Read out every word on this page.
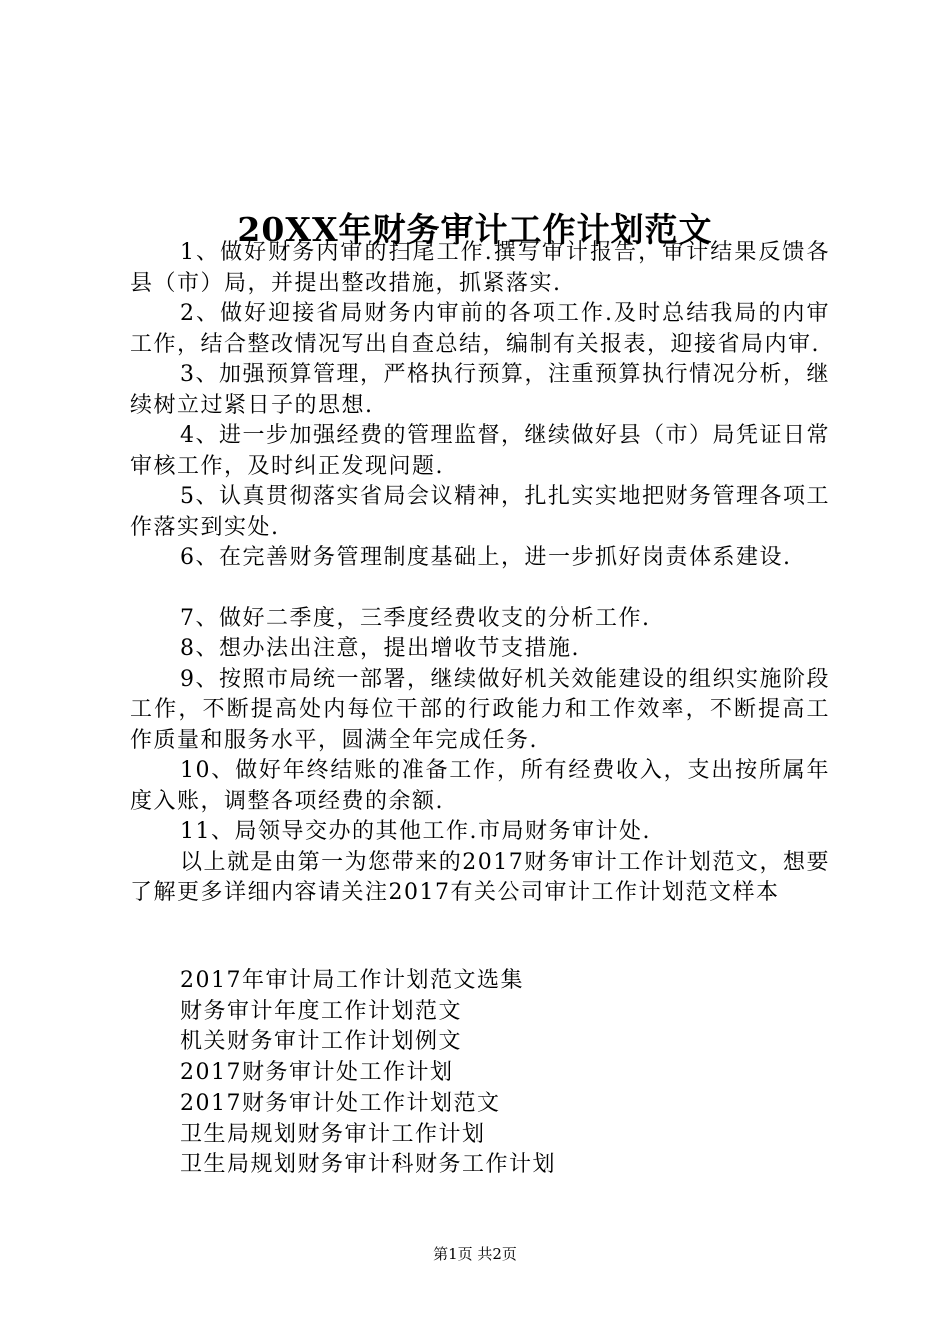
20XX年财务审计工作计划范文

1、做好财务内审的扫尾工作.撰写审计报告，审计结果反馈各县（市）局，并提出整改措施，抓紧落实.

2、做好迎接省局财务内审前的各项工作.及时总结我局的内审工作，结合整改情况写出自查总结，编制有关报表，迎接省局内审.

3、加强预算管理，严格执行预算，注重预算执行情况分析，继续树立过紧日子的思想.

4、进一步加强经费的管理监督，继续做好县（市）局凭证日常审核工作，及时纠正发现问题.

5、认真贯彻落实省局会议精神，扎扎实实地把财务管理各项工作落实到实处.

6、在完善财务管理制度基础上，进一步抓好岗责体系建设.

7、做好二季度，三季度经费收支的分析工作.

8、想办法出注意，提出增收节支措施.

9、按照市局统一部署，继续做好机关效能建设的组织实施阶段工作，不断提高处内每位干部的行政能力和工作效率，不断提高工作质量和服务水平，圆满全年完成任务.

10、做好年终结账的准备工作，所有经费收入，支出按所属年度入账，调整各项经费的余额.

11、局领导交办的其他工作.市局财务审计处.

以上就是由第一为您带来的2017财务审计工作计划范文，想要了解更多详细内容请关注2017有关公司审计工作计划范文样本

2017年审计局工作计划范文选集

财务审计年度工作计划范文

机关财务审计工作计划例文

2017财务审计处工作计划

2017财务审计处工作计划范文

卫生局规划财务审计工作计划

卫生局规划财务审计科财务工作计划

第1页 共2页
